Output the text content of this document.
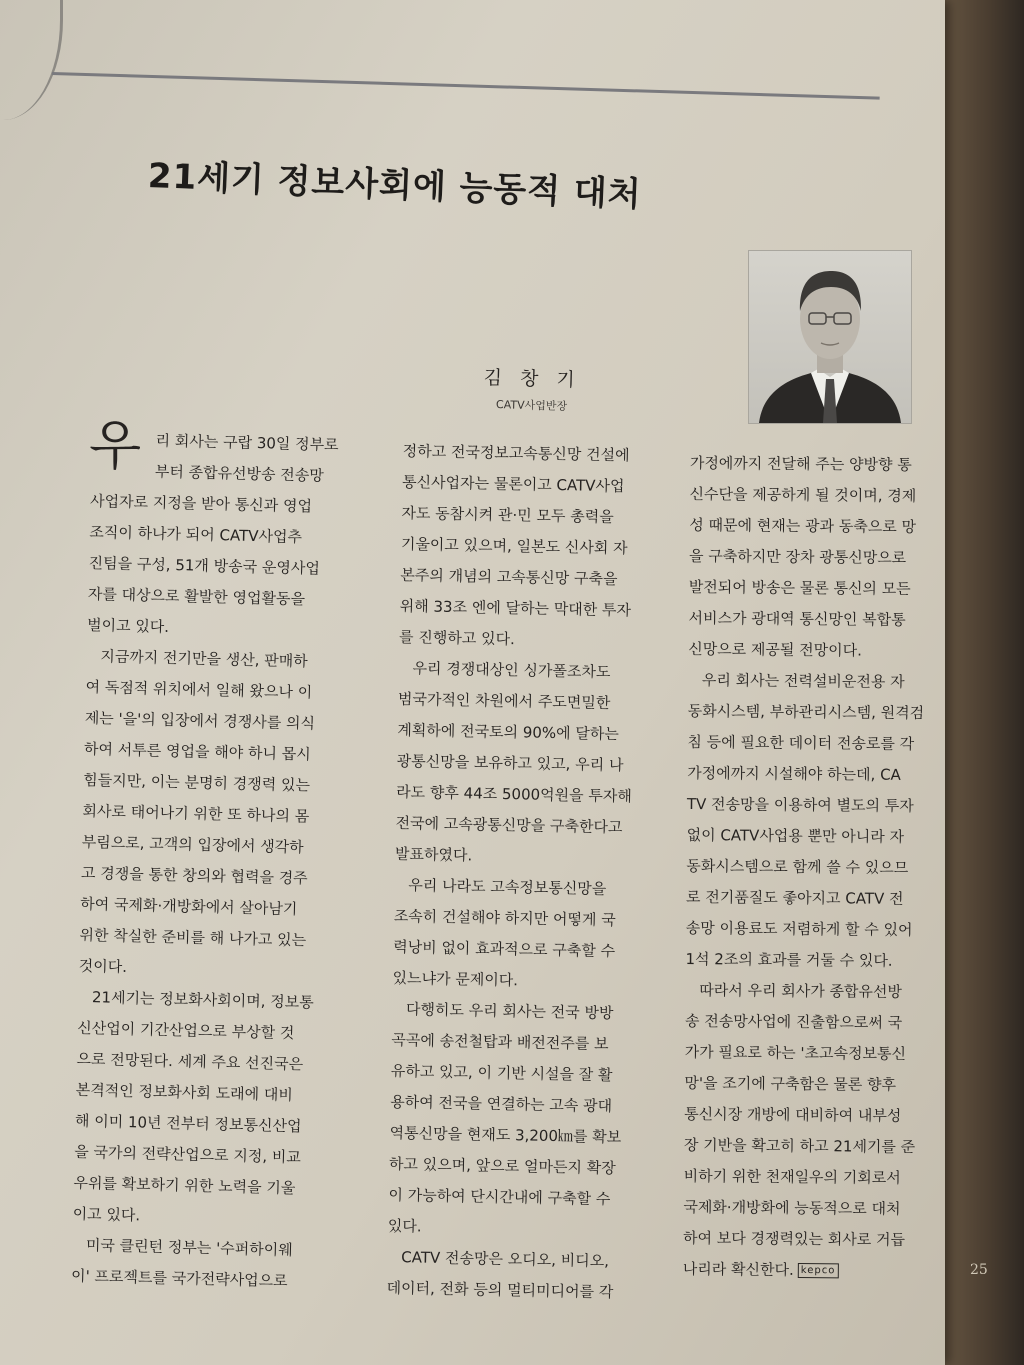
21세기 정보사회에 능동적 대처
김 창 기
CATV사업반장
우 리 회사는 구랍 30일 정부로
부터 종합유선방송 전송망
사업자로 지정을 받아 통신과 영업
조직이 하나가 되어 CATV사업추
진팀을 구성, 51개 방송국 운영사업
자를 대상으로 활발한 영업활동을
벌이고 있다.
지금까지 전기만을 생산, 판매하
여 독점적 위치에서 일해 왔으나 이
제는 '을'의 입장에서 경쟁사를 의식
하여 서투른 영업을 해야 하니 몹시
힘들지만, 이는 분명히 경쟁력 있는
회사로 태어나기 위한 또 하나의 몸
부림으로, 고객의 입장에서 생각하
고 경쟁을 통한 창의와 협력을 경주
하여 국제화·개방화에서 살아남기
위한 착실한 준비를 해 나가고 있는
것이다.
21세기는 정보화사회이며, 정보통
신산업이 기간산업으로 부상할 것
으로 전망된다. 세계 주요 선진국은
본격적인 정보화사회 도래에 대비
해 이미 10년 전부터 정보통신산업
을 국가의 전략산업으로 지정, 비교
우위를 확보하기 위한 노력을 기울
이고 있다.
미국 클린턴 정부는 '수퍼하이웨
이' 프로젝트를 국가전략사업으로
정하고 전국정보고속통신망 건설에
통신사업자는 물론이고 CATV사업
자도 동참시켜 관·민 모두 총력을
기울이고 있으며, 일본도 신사회 자
본주의 개념의 고속통신망 구축을
위해 33조 엔에 달하는 막대한 투자
를 진행하고 있다.
우리 경쟁대상인 싱가폴조차도
범국가적인 차원에서 주도면밀한
계획하에 전국토의 90%에 달하는
광통신망을 보유하고 있고, 우리 나
라도 향후 44조 5000억원을 투자해
전국에 고속광통신망을 구축한다고
발표하였다.
우리 나라도 고속정보통신망을
조속히 건설해야 하지만 어떻게 국
력낭비 없이 효과적으로 구축할 수
있느냐가 문제이다.
다행히도 우리 회사는 전국 방방
곡곡에 송전철탑과 배전전주를 보
유하고 있고, 이 기반 시설을 잘 활
용하여 전국을 연결하는 고속 광대
역통신망을 현재도 3,200㎞를 확보
하고 있으며, 앞으로 얼마든지 확장
이 가능하여 단시간내에 구축할 수
있다.
CATV 전송망은 오디오, 비디오,
데이터, 전화 등의 멀티미디어를 각
가정에까지 전달해 주는 양방향 통
신수단을 제공하게 될 것이며, 경제
성 때문에 현재는 광과 동축으로 망
을 구축하지만 장차 광통신망으로
발전되어 방송은 물론 통신의 모든
서비스가 광대역 통신망인 복합통
신망으로 제공될 전망이다.
우리 회사는 전력설비운전용 자
동화시스템, 부하관리시스템, 원격검
침 등에 필요한 데이터 전송로를 각
가정에까지 시설해야 하는데, CA
TV 전송망을 이용하여 별도의 투자
없이 CATV사업용 뿐만 아니라 자
동화시스템으로 함께 쓸 수 있으므
로 전기품질도 좋아지고 CATV 전
송망 이용료도 저렴하게 할 수 있어
1석 2조의 효과를 거둘 수 있다.
따라서 우리 회사가 종합유선방
송 전송망사업에 진출함으로써 국
가가 필요로 하는 '초고속정보통신
망'을 조기에 구축함은 물론 향후
통신시장 개방에 대비하여 내부성
장 기반을 확고히 하고 21세기를 준
비하기 위한 천재일우의 기회로서
국제화·개방화에 능동적으로 대처
하여 보다 경쟁력있는 회사로 거듭
나리라 확신한다. kepco	25
